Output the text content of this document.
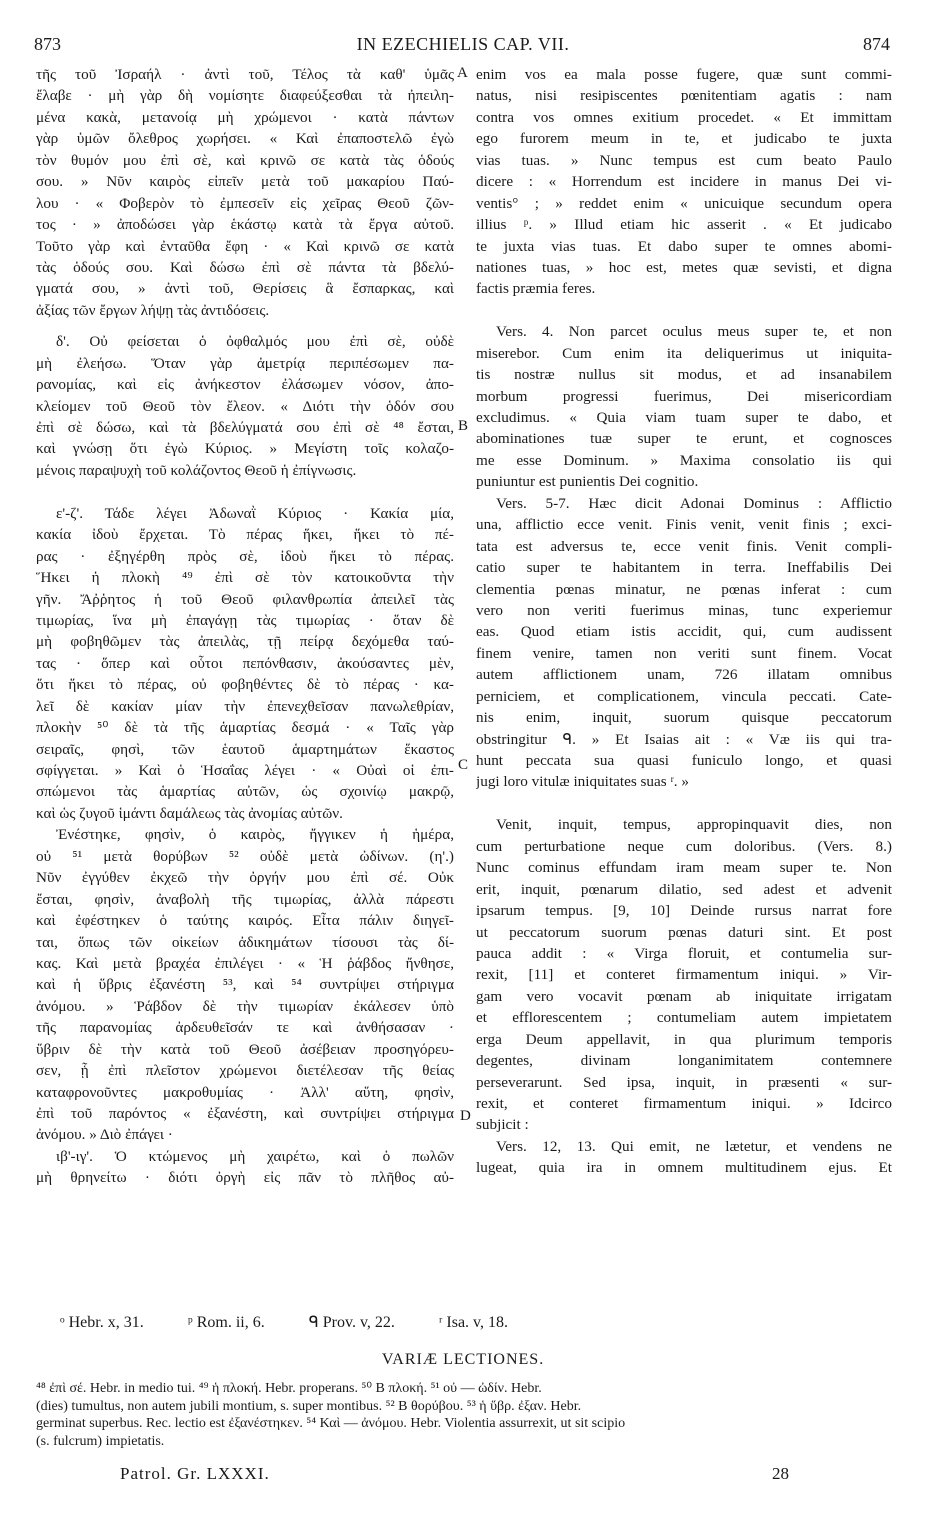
873	IN EZECHIELIS CAP. VII.	874
τῆς τοῦ Ἰσραήλ · ἀντὶ τοῦ, Τέλος τὰ καθ' ὑμᾶς
ἔλαβε · μὴ γὰρ δὴ νομίσητε διαφεύξεσθαι τὰ ἠπειλη-
μένα κακὰ, μετανοίᾳ μὴ χρώμενοι · κατὰ πάντων
γὰρ ὑμῶν ὄλεθρος χωρήσει. « Καὶ ἐπαποστελῶ ἐγὼ
τὸν θυμόν μου ἐπὶ σὲ, καὶ κρινῶ σε κατὰ τὰς ὁδούς
σου. » Νῦν καιρὸς εἰπεῖν μετὰ τοῦ μακαρίου Παύ-
λου · « Φοβερὸν τὸ ἐμπεσεῖν εἰς χεῖρας Θεοῦ ζῶν-
τος · » ἀποδώσει γὰρ ἑκάστῳ κατὰ τὰ ἔργα αὐτοῦ.
Τοῦτο γὰρ καὶ ἐνταῦθα ἔφη · « Καὶ κρινῶ σε κατὰ
τὰς ὁδούς σου. Καὶ δώσω ἐπὶ σὲ πάντα τὰ βδελύ-
γματά σου, » ἀντὶ τοῦ, Θερίσεις ἃ ἔσπαρκας, καὶ
ἀξίας τῶν ἔργων λήψῃ τὰς ἀντιδόσεις.
δ'. Οὐ φείσεται ὁ ὀφθαλμός μου ἐπὶ σὲ, οὐδὲ
μὴ ἐλεήσω. Ὅταν γὰρ ἀμετρίᾳ περιπέσωμεν πα-
ρανομίας, καὶ εἰς ἀνήκεστον ἐλάσωμεν νόσον, ἀπο-
κλείομεν τοῦ Θεοῦ τὸν ἔλεον. « Διότι τὴν ὁδόν σου
ἐπὶ σὲ δώσω, καὶ τὰ βδελύγματά σου ἐπὶ σὲ ⁴⁸ ἔσται,
καὶ γνώσῃ ὅτι ἐγὼ Κύριος. » Μεγίστη τοῖς κολαζο-
μένοις παραψυχὴ τοῦ κολάζοντος Θεοῦ ἡ ἐπίγνωσις.
ε'-ζ'. Τάδε λέγει Ἀδωναῒ Κύριος · Κακία μία,
κακία ἰδοὺ ἔρχεται. Τὸ πέρας ἥκει, ἥκει τὸ πέ-
ρας · ἐξηγέρθη πρὸς σὲ, ἰδοὺ ἥκει τὸ πέρας.
Ἥκει ἡ πλοκὴ ⁴⁹ ἐπὶ σὲ τὸν κατοικοῦντα τὴν
γῆν. Ἄῤῥητος ἡ τοῦ Θεοῦ φιλανθρωπία ἀπειλεῖ τὰς
τιμωρίας, ἵνα μὴ ἐπαγάγῃ τὰς τιμωρίας · ὅταν δὲ
μὴ φοβηθῶμεν τὰς ἀπειλὰς, τῇ πείρᾳ δεχόμεθα ταύ-
τας · ὅπερ καὶ οὗτοι πεπόνθασιν, ἀκούσαντες μὲν,
ὅτι ἥκει τὸ πέρας, οὐ φοβηθέντες δὲ τὸ πέρας · κα-
λεῖ δὲ κακίαν μίαν τὴν ἐπενεχθεῖσαν πανωλεθρίαν,
πλοκὴν ⁵⁰ δὲ τὰ τῆς ἁμαρτίας δεσμά · « Ταῖς γὰρ
σειραῖς, φησὶ, τῶν ἑαυτοῦ ἁμαρτημάτων ἕκαστος
σφίγγεται. » Καὶ ὁ Ἡσαΐας λέγει · « Οὐαὶ οἱ ἐπι-
σπώμενοι τὰς ἁμαρτίας αὐτῶν, ὡς σχοινίῳ μακρῷ,
καὶ ὡς ζυγοῦ ἱμάντι δαμάλεως τὰς ἀνομίας αὐτῶν.
Ἐνέστηκε, φησὶν, ὁ καιρὸς, ἤγγικεν ἡ ἡμέρα,
οὐ ⁵¹ μετὰ θορύβων ⁵² οὐδὲ μετὰ ὠδίνων. (η'.)
Νῦν ἐγγύθεν ἐκχεῶ τὴν ὀργήν μου ἐπὶ σέ. Οὐκ
ἔσται, φησὶν, ἀναβολὴ τῆς τιμωρίας, ἀλλὰ πάρεστι
καὶ ἐφέστηκεν ὁ ταύτης καιρός. Εἶτα πάλιν διηγεῖ-
ται, ὅπως τῶν οἰκείων ἀδικημάτων τίσουσι τὰς δί-
κας. Καὶ μετὰ βραχέα ἐπιλέγει · « Ἡ ῥάβδος ἤνθησε,
καὶ ἡ ὕβρις ἐξανέστη ⁵³, καὶ ⁵⁴ συντρίψει στήριγμα
ἀνόμου. » Ῥάβδον δὲ τὴν τιμωρίαν ἐκάλεσεν ὑπὸ
τῆς παρανομίας ἀρδευθεῖσάν τε καὶ ἀνθήσασαν ·
ὕβριν δὲ τὴν κατὰ τοῦ Θεοῦ ἀσέβειαν προσηγόρευ-
σεν, ᾗ ἐπὶ πλεῖστον χρώμενοι διετέλεσαν τῆς θείας
καταφρονοῦντες μακροθυμίας · Ἀλλ' αὕτη, φησὶν,
ἐπὶ τοῦ παρόντος « ἐξανέστη, καὶ συντρίψει στήριγμα
ἀνόμου. » Διὸ ἐπάγει ·
ιβ'-ιγ'. Ὁ κτώμενος μὴ χαιρέτω, καὶ ὁ πωλῶν
μὴ θρηνείτω · διότι ὀργὴ εἰς πᾶν τὸ πλῆθος αὐ-
enim vos ea mala posse fugere, quæ sunt commi-
natus, nisi resipiscentes pœnitentiam agatis : nam
contra vos omnes exitium procedet. « Et immittam
ego furorem meum in te, et judicabo te juxta
vias tuas. » Nunc tempus est cum beato Paulo
dicere : « Horrendum est incidere in manus Dei vi-
ventis° ; » reddet enim « unicuique secundum opera
illius ᵖ. » Illud etiam hic asserit . « Et judicabo
te juxta vias tuas. Et dabo super te omnes abomi-
nationes tuas, » hoc est, metes quæ sevisti, et digna
factis præmia feres.
Vers. 4. Non parcet oculus meus super te, et non
miserebor. Cum enim ita deliquerimus ut iniquita-
tis nostræ nullus sit modus, et ad insanabilem
morbum progressi fuerimus, Dei misericordiam
excludimus. « Quia viam tuam super te dabo, et
abominationes tuæ super te erunt, et cognosces
me esse Dominum. » Maxima consolatio iis qui
puniuntur est punientis Dei cognitio.
Vers. 5-7. Hæc dicit Adonai Dominus : Afflictio
una, afflictio ecce venit. Finis venit, venit finis ; exci-
tata est adversus te, ecce venit finis. Venit compli-
catio super te habitantem in terra. Ineffabilis Dei
clementia pœnas minatur, ne pœnas inferat : cum
vero non veriti fuerimus minas, tunc experiemur
eas. Quod etiam istis accidit, qui, cum audissent
finem venire, tamen non veriti sunt finem. Vocat
autem afflictionem unam, 726 illatam omnibus
perniciem, et complicationem, vincula peccati. Cate-
nis enim, inquit, suorum quisque peccatorum
obstringitur ᑫ. » Et Isaias ait : « Væ iis qui tra-
hunt peccata sua quasi funiculo longo, et quasi
jugi loro vitulæ iniquitates suas ʳ. »
Venit, inquit, tempus, appropinquavit dies, non
cum perturbatione neque cum doloribus. (Vers. 8.)
Nunc cominus effundam iram meam super te. Non
erit, inquit, pœnarum dilatio, sed adest et advenit
ipsarum tempus. [9, 10] Deinde rursus narrat fore
ut peccatorum suorum pœnas daturi sint. Et post
pauca addit : « Virga floruit, et contumelia sur-
rexit, [11] et conteret firmamentum iniqui. » Vir-
gam vero vocavit pœnam ab iniquitate irrigatam
et efflorescentem ; contumeliam autem impietatem
erga Deum appellavit, in qua plurimum temporis
degentes, divinam longanimitatem contemnere
perseverarunt. Sed ipsa, inquit, in præsenti « sur-
rexit, et conteret firmamentum iniqui. » Idcirco
subjicit :
Vers. 12, 13. Qui emit, ne lætetur, et vendens ne
lugeat, quia ira in omnem multitudinem ejus. Et
A
B
C
D
ᵒ Hebr. x, 31.	ᵖ Rom. ii, 6.	ᑫ Prov. v, 22.	ʳ Isa. v, 18.
VARIÆ LECTIONES.
⁴⁸ ἐπὶ σέ. Hebr. in medio tui. ⁴⁹ ἡ πλοκή. Hebr. properans. ⁵⁰ B πλοκή. ⁵¹ οὐ — ὠδίν. Hebr.
(dies) tumultus, non autem jubili montium, s. super montibus. ⁵² B θορύβου. ⁵³ ἡ ὕβρ. ἐξαν. Hebr.
germinat superbus. Rec. lectio est ἐξανέστηκεν. ⁵⁴ Καὶ — ἀνόμου. Hebr. Violentia assurrexit, ut sit scipio
(s. fulcrum) impietatis.
Patrol. Gr. LXXXI.	28
